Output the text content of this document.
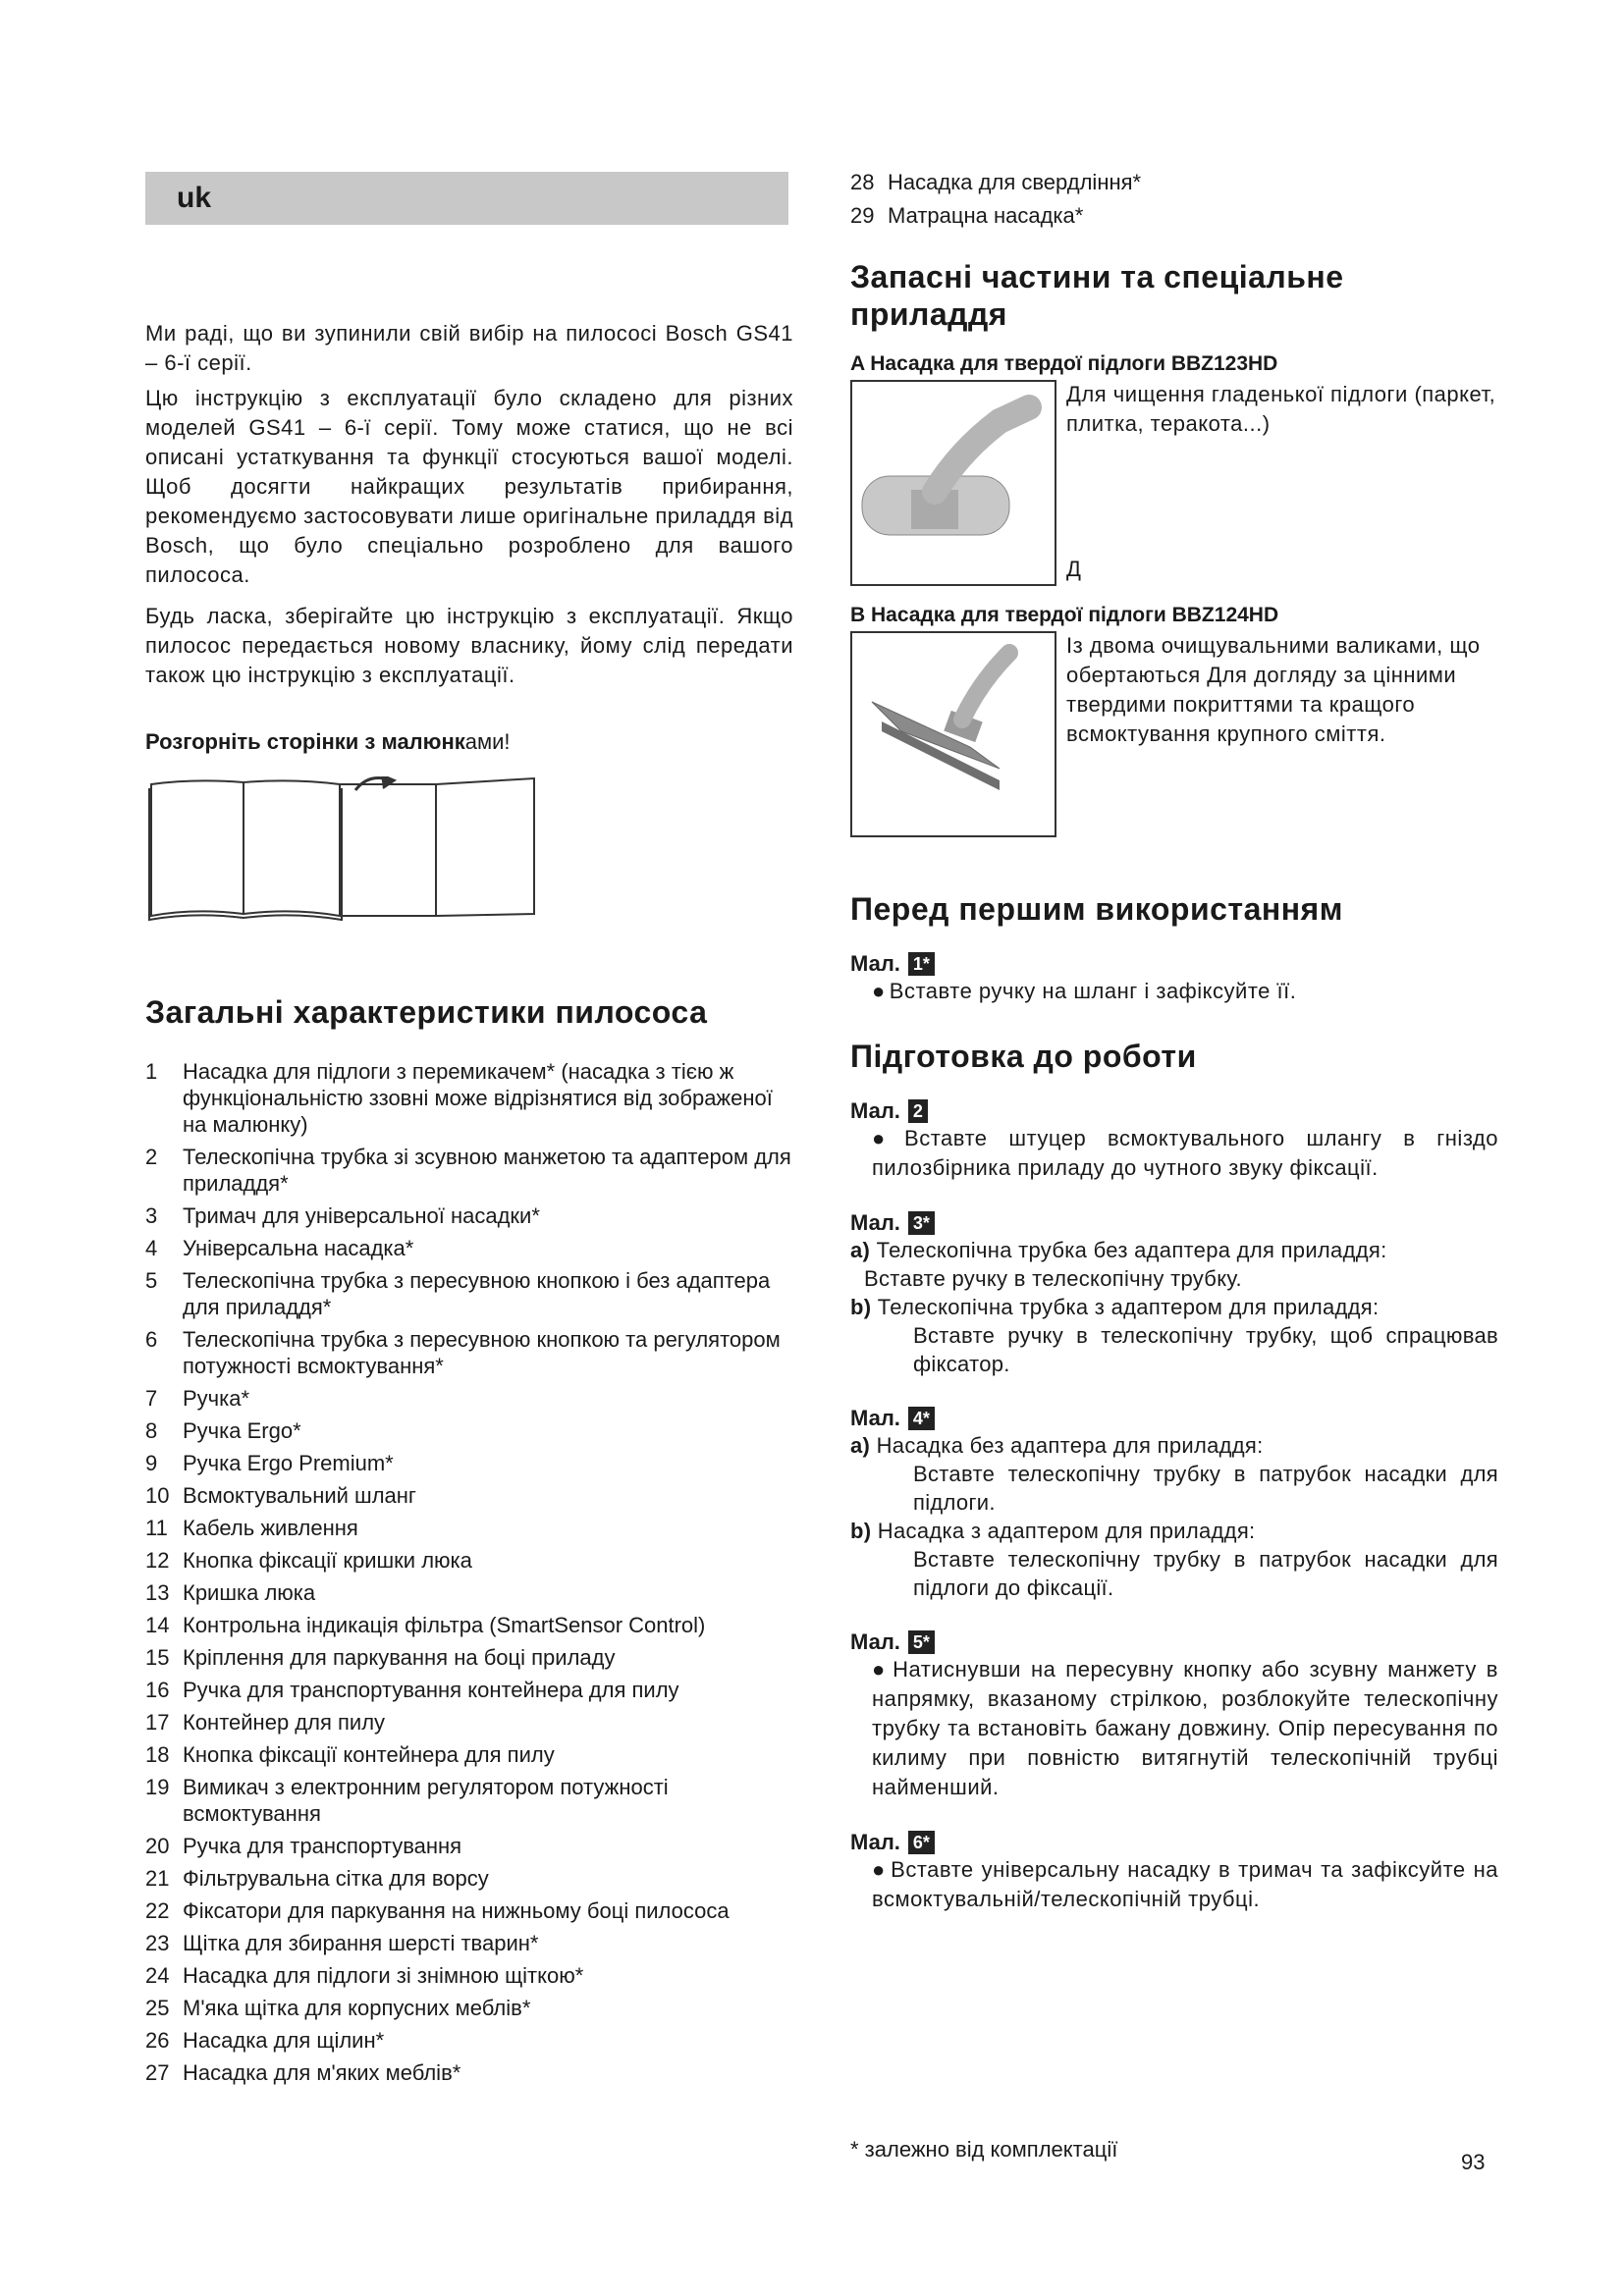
uk

Ми раді, що ви зупинили свій вибір на пилососі Bosch GS41 – 6-ї серії.

Цю інструкцію з експлуатації було складено для різних моделей GS41 – 6-ї серії. Тому може статися, що не всі описані устаткування та функції стосуються вашої моделі. Щоб досягти найкращих результатів прибирання, рекомендуємо застосовувати лише оригінальне приладдя від Bosch, що було спеціально розроблено для вашого пилососа.

Будь ласка, зберігайте цю інструкцію з експлуатації. Якщо пилосос передається новому власнику, йому слід передати також цю інструкцію з експлуатації.

Розгорніть сторінки з малюнками!
Загальні характеристики пилососа
1	Насадка для підлоги з перемикачем* (насадка з тією ж функціональністю ззовні може відрізнятися від зображеної на малюнку)
2	Телескопічна трубка зі зсувною манжетою та адаптером для приладдя*
3	Тримач для універсальної насадки*
4	Універсальна насадка*
5	Телескопічна трубка з пересувною кнопкою і без адаптера для приладдя*
6	Телескопічна трубка з пересувною кнопкою та регулятором потужності всмоктування*
7	Ручка*
8	Ручка Ergo*
9	Ручка Ergo Premium*
10 Всмоктувальний шланг
11 Кабель живлення
12 Кнопка фіксації кришки люка
13 Кришка люка
14 Контрольна індикація фільтра (SmartSensor Control)
15 Кріплення для паркування на боці приладу
16 Ручка для транспортування контейнера для пилу
17 Контейнер для пилу
18 Кнопка фіксації контейнера для пилу
19 Вимикач з електронним регулятором потужності всмоктування
20 Ручка для транспортування
21 Фільтрувальна сітка для ворсу
22 Фіксатори для паркування на нижньому боці пилососа
23 Щітка для збирання шерсті тварин*
24 Насадка для підлоги зі знімною щіткою*
25 М'яка щітка для корпусних меблів*
26 Насадка для щілин*
27 Насадка для м'яких меблів*
28 Насадка для свердління*
29 Матрацна насадка*
Запасні частини та спеціальне приладдя
A Насадка для твердої підлоги BBZ123HD
Для чищення гладенької підлоги (паркет, плитка, теракота...)
Д
B Насадка для твердої підлоги BBZ124HD
Із двома очищувальними валиками, що обертаються Для догляду за цінними твердими покриттями та кращого всмоктування крупного сміття.
Перед першим використанням
Мал. 1*
● Вставте ручку на шланг і зафіксуйте її.
Підготовка до роботи
Мал. 2
● Вставте штуцер всмоктувального шлангу в гніздо пилозбірника приладу до чутного звуку фіксації.
Мал. 3*
a) Телескопічна трубка без адаптера для приладдя:
Вставте ручку в телескопічну трубку.
b) Телескопічна трубка з адаптером для приладдя:
Вставте ручку в телескопічну трубку, щоб спрацював фіксатор.
Мал. 4*
a) Насадка без адаптера для приладдя:
Вставте телескопічну трубку в патрубок насадки для підлоги.
b) Насадка з адаптером для приладдя:
Вставте телескопічну трубку в патрубок насадки для підлоги до фіксації.
Мал. 5*
● Натиснувши на пересувну кнопку або зсувну манжету в напрямку, вказаному стрілкою, розблокуйте телескопічну трубку та встановіть бажану довжину. Опір пересування по килиму при повністю витягнутій телескопічній трубці найменший.
Мал. 6*
● Вставте універсальну насадку в тримач та зафіксуйте на всмоктувальній/телескопічній трубці.
* залежно від комплектації
93
